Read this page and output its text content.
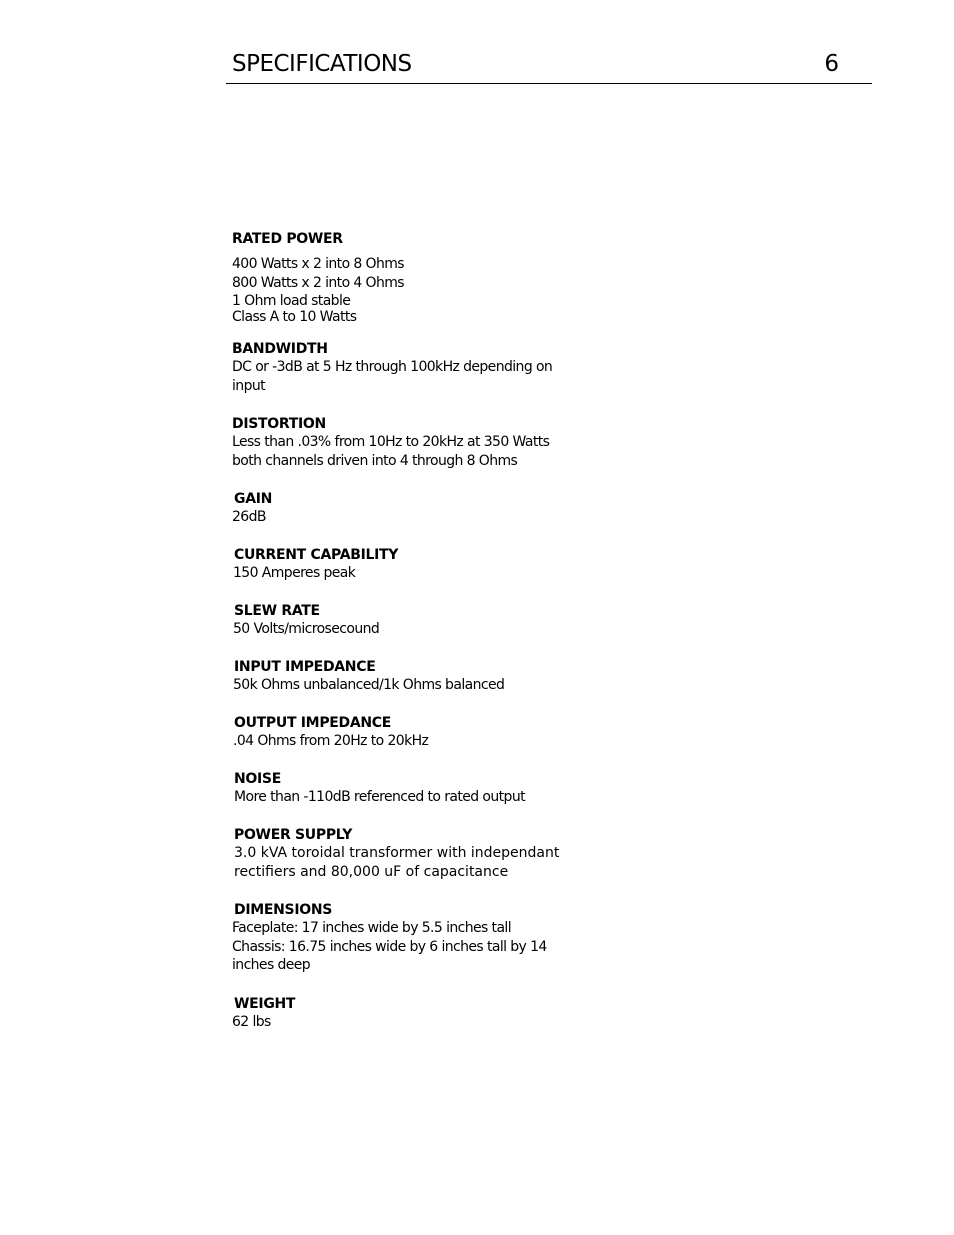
SPECIFICATIONS	6
RATED POWER
400 Watts x 2 into 8 Ohms
800 Watts x 2 into 4 Ohms
1 Ohm load stable
Class A to 10 Watts
BANDWIDTH
DC or -3dB at 5 Hz through 100kHz depending on
input
DISTORTION
Less than .03% from 10Hz to 20kHz at 350 Watts
both channels driven into 4 through 8 Ohms
GAIN
26dB
CURRENT CAPABILITY
150 Amperes peak
SLEW RATE
50 Volts/microsecound
INPUT IMPEDANCE
50k Ohms unbalanced/1k Ohms balanced
OUTPUT IMPEDANCE
.04 Ohms from 20Hz to 20kHz
NOISE
More than -110dB referenced to rated output
POWER SUPPLY
3.0 kVA toroidal transformer with independant
rectifiers and 80,000 uF of capacitance
DIMENSIONS
Faceplate: 17 inches wide by 5.5 inches tall
Chassis: 16.75 inches wide by 6 inches tall by 14
inches deep
WEIGHT
62 lbs
